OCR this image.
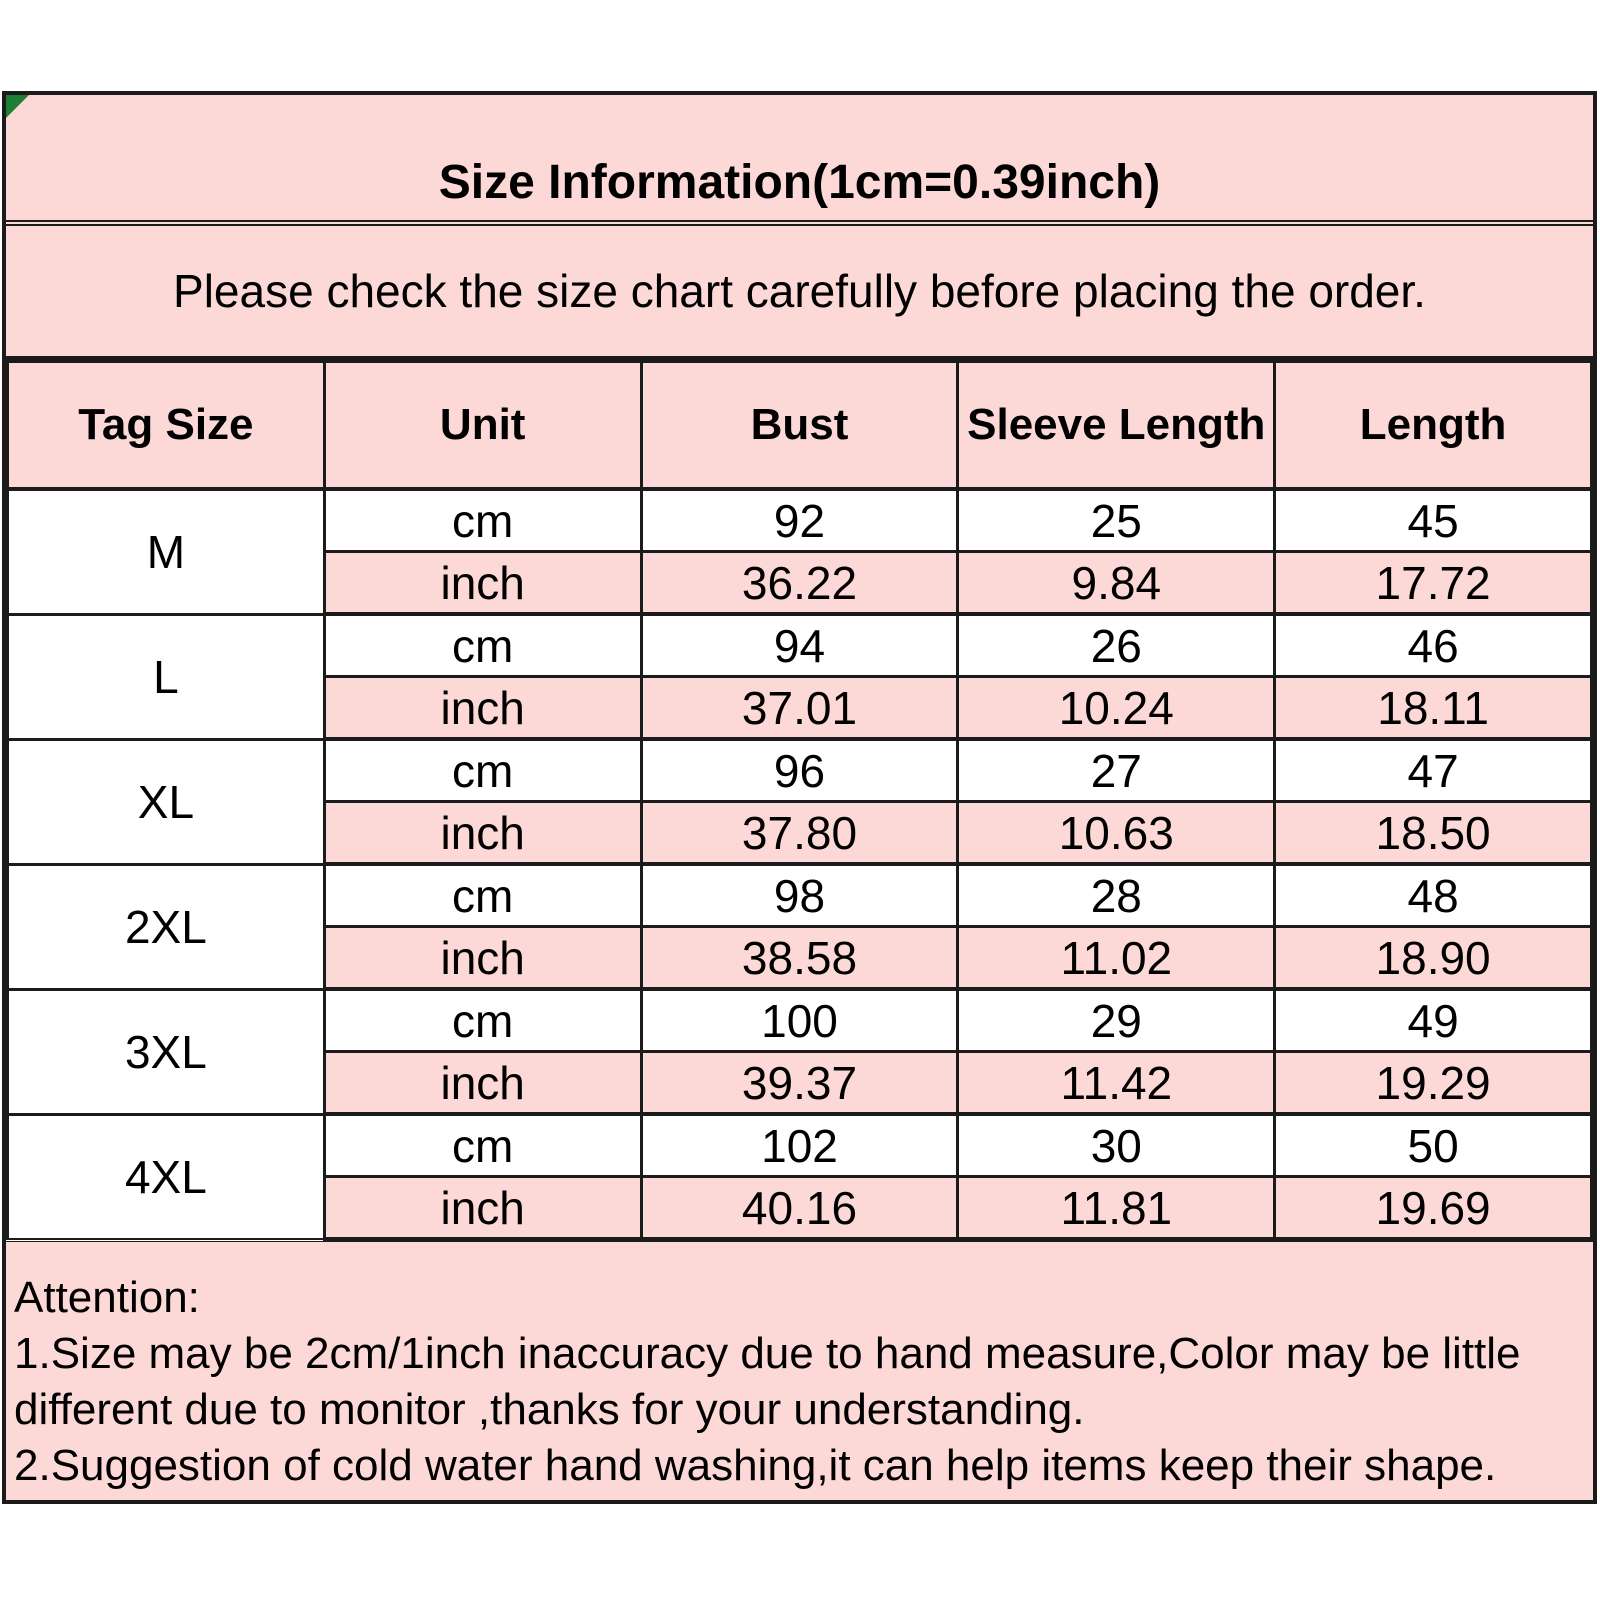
Size Information(1cm=0.39inch)
Please check the size chart carefully before placing the order.
Tag Size	Unit	Bust	Sleeve Length	Length
M	cm	92	25	45
	inch	36.22	9.84	17.72
L	cm	94	26	46
	inch	37.01	10.24	18.11
XL	cm	96	27	47
	inch	37.80	10.63	18.50
2XL	cm	98	28	48
	inch	38.58	11.02	18.90
3XL	cm	100	29	49
	inch	39.37	11.42	19.29
4XL	cm	102	30	50
	inch	40.16	11.81	19.69
Attention:
1.Size may be 2cm/1inch inaccuracy due to hand measure,Color may be little different due to monitor ,thanks for your understanding.
2.Suggestion of cold water hand washing,it can help items keep their shape.
